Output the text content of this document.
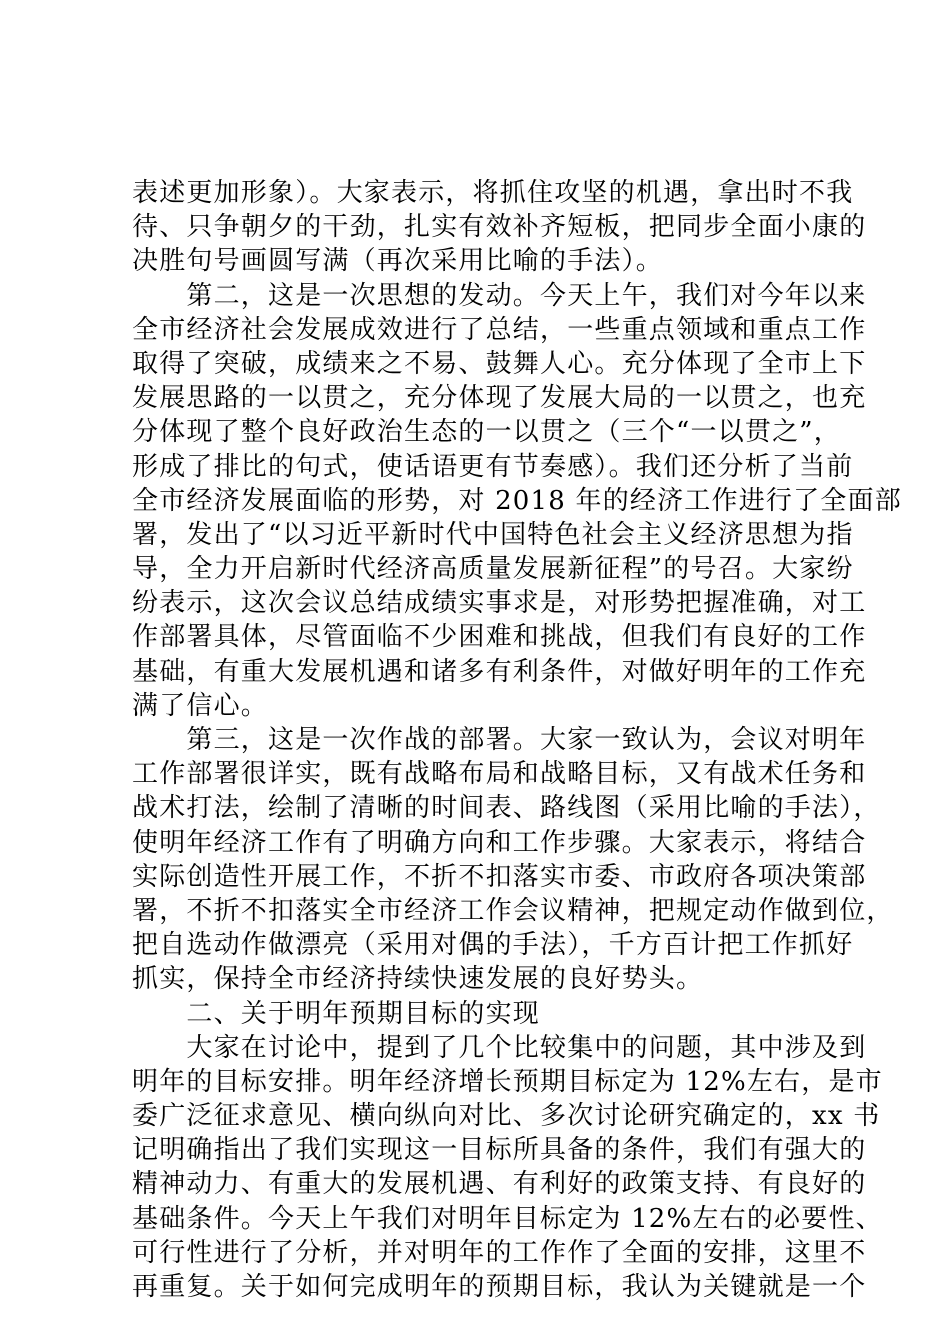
表述更加形象）。大家表示，将抓住攻坚的机遇，拿出时不我
待、只争朝夕的干劲，扎实有效补齐短板，把同步全面小康的
决胜句号画圆写满（再次采用比喻的手法）。
　　第二，这是一次思想的发动。今天上午，我们对今年以来
全市经济社会发展成效进行了总结，一些重点领域和重点工作
取得了突破，成绩来之不易、鼓舞人心。充分体现了全市上下
发展思路的一以贯之，充分体现了发展大局的一以贯之，也充
分体现了整个良好政治生态的一以贯之（三个“一以贯之”，
形成了排比的句式，使话语更有节奏感）。我们还分析了当前
全市经济发展面临的形势，对 2018 年的经济工作进行了全面部
署，发出了“以习近平新时代中国特色社会主义经济思想为指
导，全力开启新时代经济高质量发展新征程”的号召。大家纷
纷表示，这次会议总结成绩实事求是，对形势把握准确，对工
作部署具体，尽管面临不少困难和挑战，但我们有良好的工作
基础，有重大发展机遇和诸多有利条件，对做好明年的工作充
满了信心。
　　第三，这是一次作战的部署。大家一致认为，会议对明年
工作部署很详实，既有战略布局和战略目标，又有战术任务和
战术打法，绘制了清晰的时间表、路线图（采用比喻的手法），
使明年经济工作有了明确方向和工作步骤。大家表示，将结合
实际创造性开展工作，不折不扣落实市委、市政府各项决策部
署，不折不扣落实全市经济工作会议精神，把规定动作做到位，
把自选动作做漂亮（采用对偶的手法），千方百计把工作抓好
抓实，保持全市经济持续快速发展的良好势头。
　　二、关于明年预期目标的实现
　　大家在讨论中，提到了几个比较集中的问题，其中涉及到
明年的目标安排。明年经济增长预期目标定为 12%左右，是市
委广泛征求意见、横向纵向对比、多次讨论研究确定的，xx 书
记明确指出了我们实现这一目标所具备的条件，我们有强大的
精神动力、有重大的发展机遇、有利好的政策支持、有良好的
基础条件。今天上午我们对明年目标定为 12%左右的必要性、
可行性进行了分析，并对明年的工作作了全面的安排，这里不
再重复。关于如何完成明年的预期目标，我认为关键就是一个
